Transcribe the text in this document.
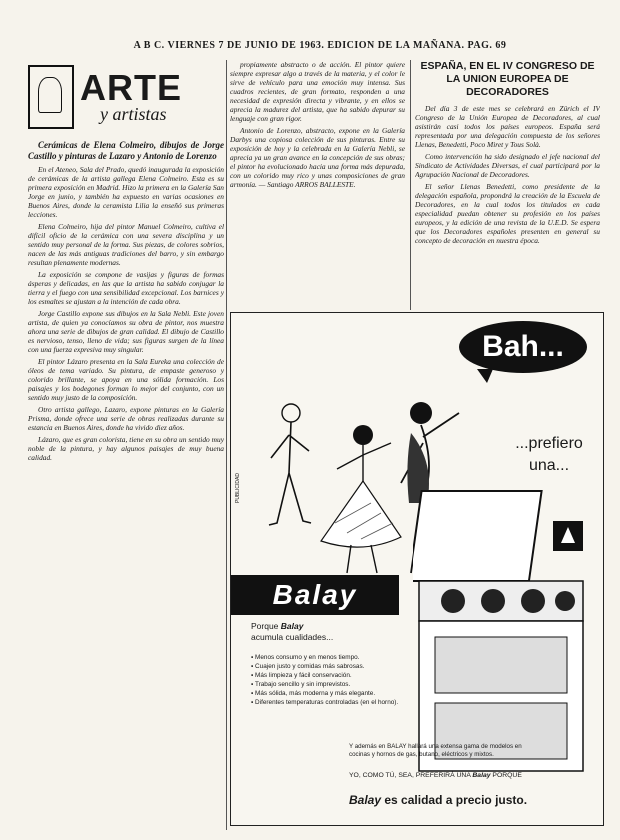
A B C. VIERNES 7 DE JUNIO DE 1963. EDICION DE LA MAÑANA. PAG. 69
ARTE
y artistas

Cerámicas de Elena Colmeiro, dibujos de Jorge Castillo y pinturas de Lazaro y Antonio de Lorenzo

En el Ateneo, Sala del Prado, quedó inaugurada la exposición de cerámicas de la artista gallega Elena Colmeiro. Esta es su primera exposición en Madrid. Hizo la primera en la Galería San Jorge en junio, y también ha expuesto en varias ocasiones en Buenos Aires, donde la ceramista Lilia la enseñó sus primeras lecciones.

Elena Colmeiro, hija del pintor Manuel Colmeiro, cultiva el difícil oficio de la cerámica con una severa disciplina y un sentido muy personal de la forma. Sus piezas, de colores sobrios, nacen de las más antiguas tradiciones del barro, y sin embargo resultan plenamente modernas.

La exposición se compone de vasijas y figuras de formas ásperas y delicadas, en las que la artista ha sabido conjugar la tierra y el fuego con una sensibilidad excepcional. Los barnices y los esmaltes se ajustan a la intención de cada obra.

Jorge Castillo expone sus dibujos en la Sala Nebli. Este joven artista, de quien ya conocíamos su obra de pintor, nos muestra ahora una serie de dibujos de gran calidad. El dibujo de Castillo es nervioso, tenso, lleno de vida; sus figuras surgen de la línea con una fuerza expresiva muy singular.

El pintor Lázaro presenta en la Sala Eureka una colección de óleos de tema variado. Su pintura, de empaste generoso y colorido brillante, se apoya en una sólida formación. Los paisajes y los bodegones forman lo mejor del conjunto, con un sentido muy justo de la composición.

Otro artista gallego, Lazaro, expone pinturas en la Galería Prisma, donde ofrece una serie de obras realizadas durante su estancia en Buenos Aires, donde ha vivido diez años.

Lázaro, que es gran colorista, tiene en su obra un sentido muy noble de la pintura, y hay algunos paisajes de muy buena calidad.

propiamente abstracto o de acción. El pintor quiere siempre expresar algo a través de la materia, y el color le sirve de vehículo para una emoción muy intensa. Sus cuadros recientes, de gran formato, responden a una necesidad de expresión directa y vibrante, y en ellos se aprecia la madurez del artista, que ha sabido depurar su lenguaje con gran rigor.

Antonio de Lorenzo, abstracto, expone en la Galería Darbys una copiosa colección de sus pinturas. Entre su exposición de hoy y la celebrada en la Galería Nebli, se aprecia ya un gran avance en la concepción de sus obras; el pintor ha evolucionado hacia una forma más depurada, con un colorido muy rico y unas composiciones de gran armonía. — Santiago ARROS BALLESTE.

ESPAÑA, EN EL IV CONGRESO DE LA UNION EUROPEA DE DECORADORES

Del día 3 de este mes se celebrará en Zürich el IV Congreso de la Unión Europea de Decoradores, al cual asistirán casi todos los países europeos. España será representada por una delegación compuesta de los señores Llenas, Benedetti, Poco Miret y Tous Solà.

Como intervención ha sido designado el jefe nacional del Sindicato de Actividades Diversas, el cual participará por la Agrupación Nacional de Decoradores.

El señor Llenas Benedetti, como presidente de la delegación española, propondrá la creación de la Escuela de Decoradores, en la cual todos los titulados en cada especialidad puedan obtener su profesión en los países europeos, y la edición de una revista de la U.E.D. Se espera que los Decoradores españoles presenten en general su concepto de decoración en nuestra época.

PUBLICIDAD
Bah...
...prefiero una...
Balay
Porque Balay
acumula cualidades...
▪ Menos consumo y en menos tiempo.
▪ Cuajen justo y comidas más sabrosas.
▪ Más limpieza y fácil conservación.
▪ Trabajo sencillo y sin imprevistos.
▪ Más sólida, más moderna y más elegante.
▪ Diferentes temperaturas controladas (en el horno).
Y además en BALAY hallará una extensa gama de modelos en cocinas y hornos de gas, butano, eléctricos y mixtos.
YO, COMO TÚ, SEA, PREFERIRÁ UNA Balay PORQUE
Balay es calidad a precio justo.
